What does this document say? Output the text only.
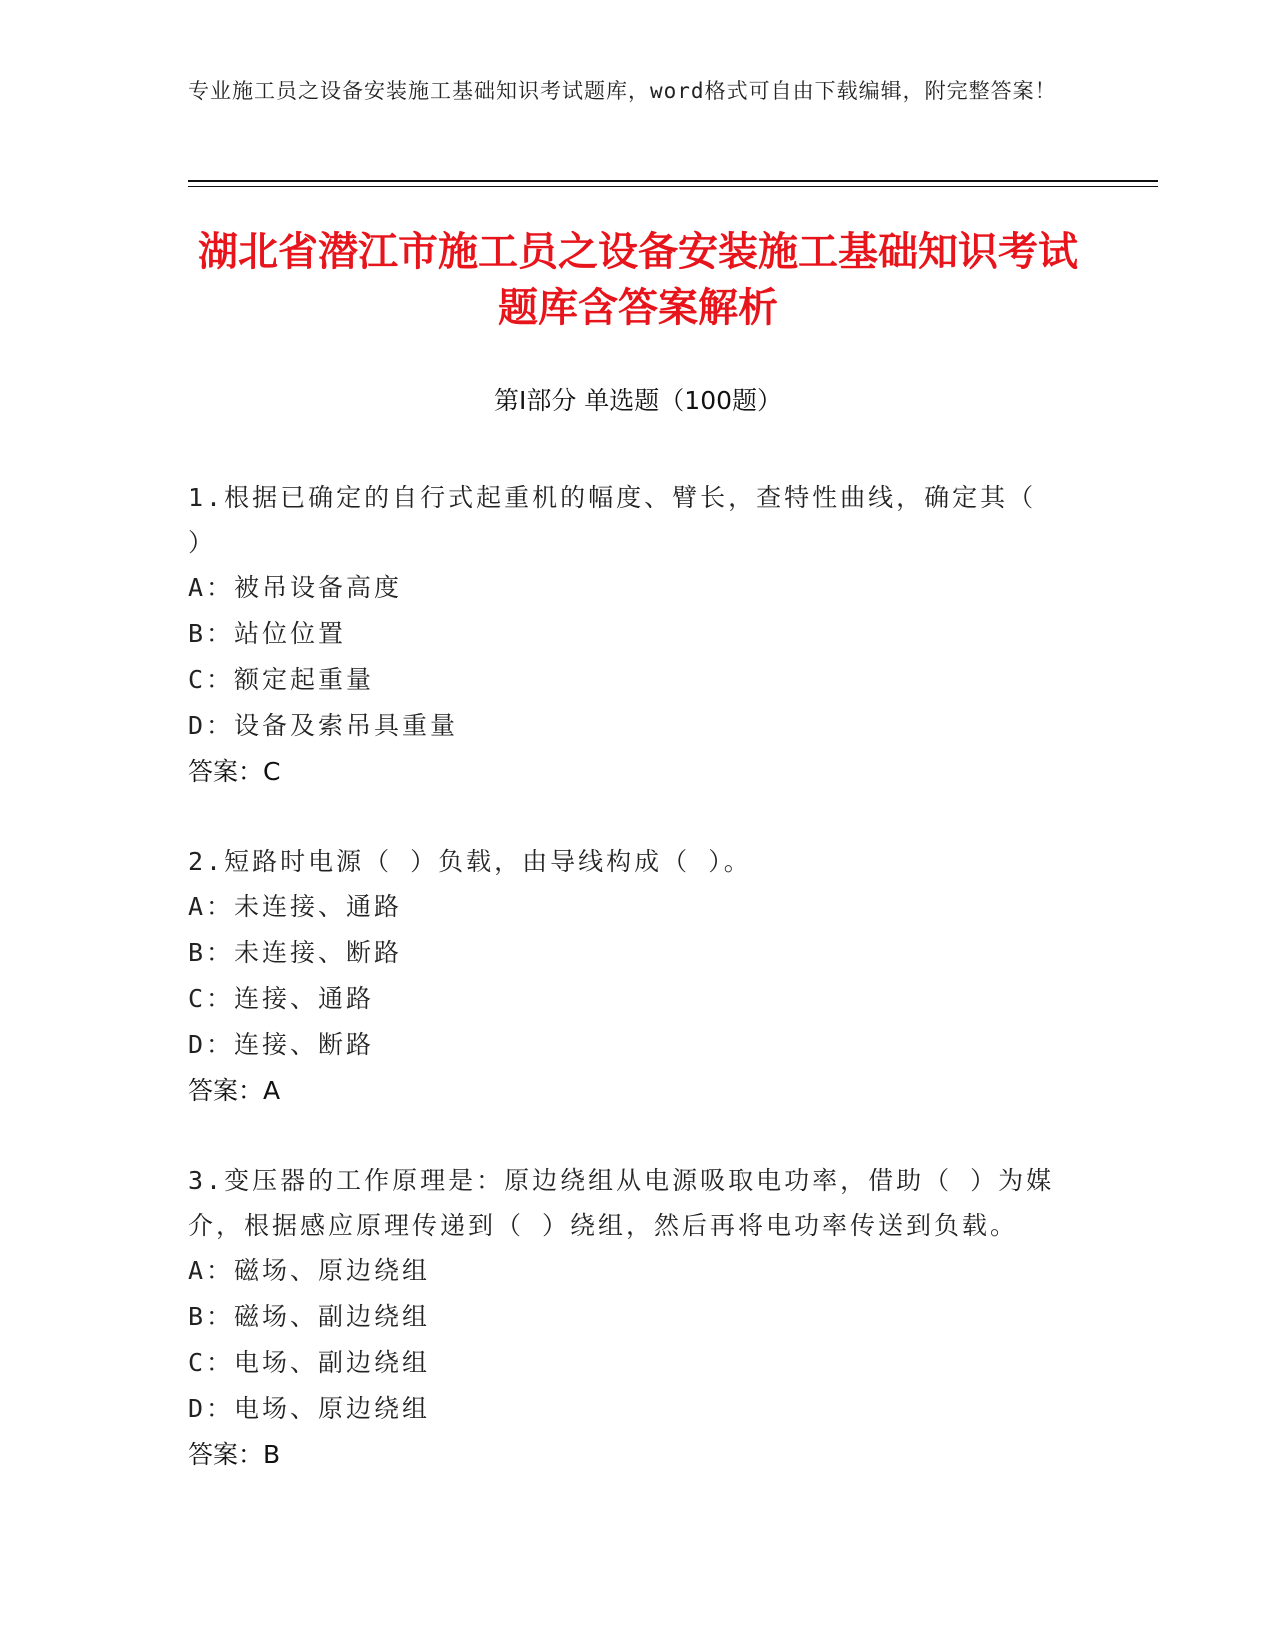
专业施工员之设备安装施工基础知识考试题库，word格式可自由下载编辑，附完整答案！
湖北省潜江市施工员之设备安装施工基础知识考试题库含答案解析
第Ⅰ部分 单选题（100题）

1.根据已确定的自行式起重机的幅度、臂长，查特性曲线，确定其（ ）

A：被吊设备高度

B：站位位置

C：额定起重量

D：设备及索吊具重量

答案：C

2.短路时电源（ ）负载，由导线构成（ ）。

A：未连接、通路

B：未连接、断路

C：连接、通路

D：连接、断路

答案：A

3.变压器的工作原理是：原边绕组从电源吸取电功率，借助（ ）为媒介，根据感应原理传递到（ ）绕组，然后再将电功率传送到负载。

A：磁场、原边绕组

B：磁场、副边绕组

C：电场、副边绕组

D：电场、原边绕组

答案：B
